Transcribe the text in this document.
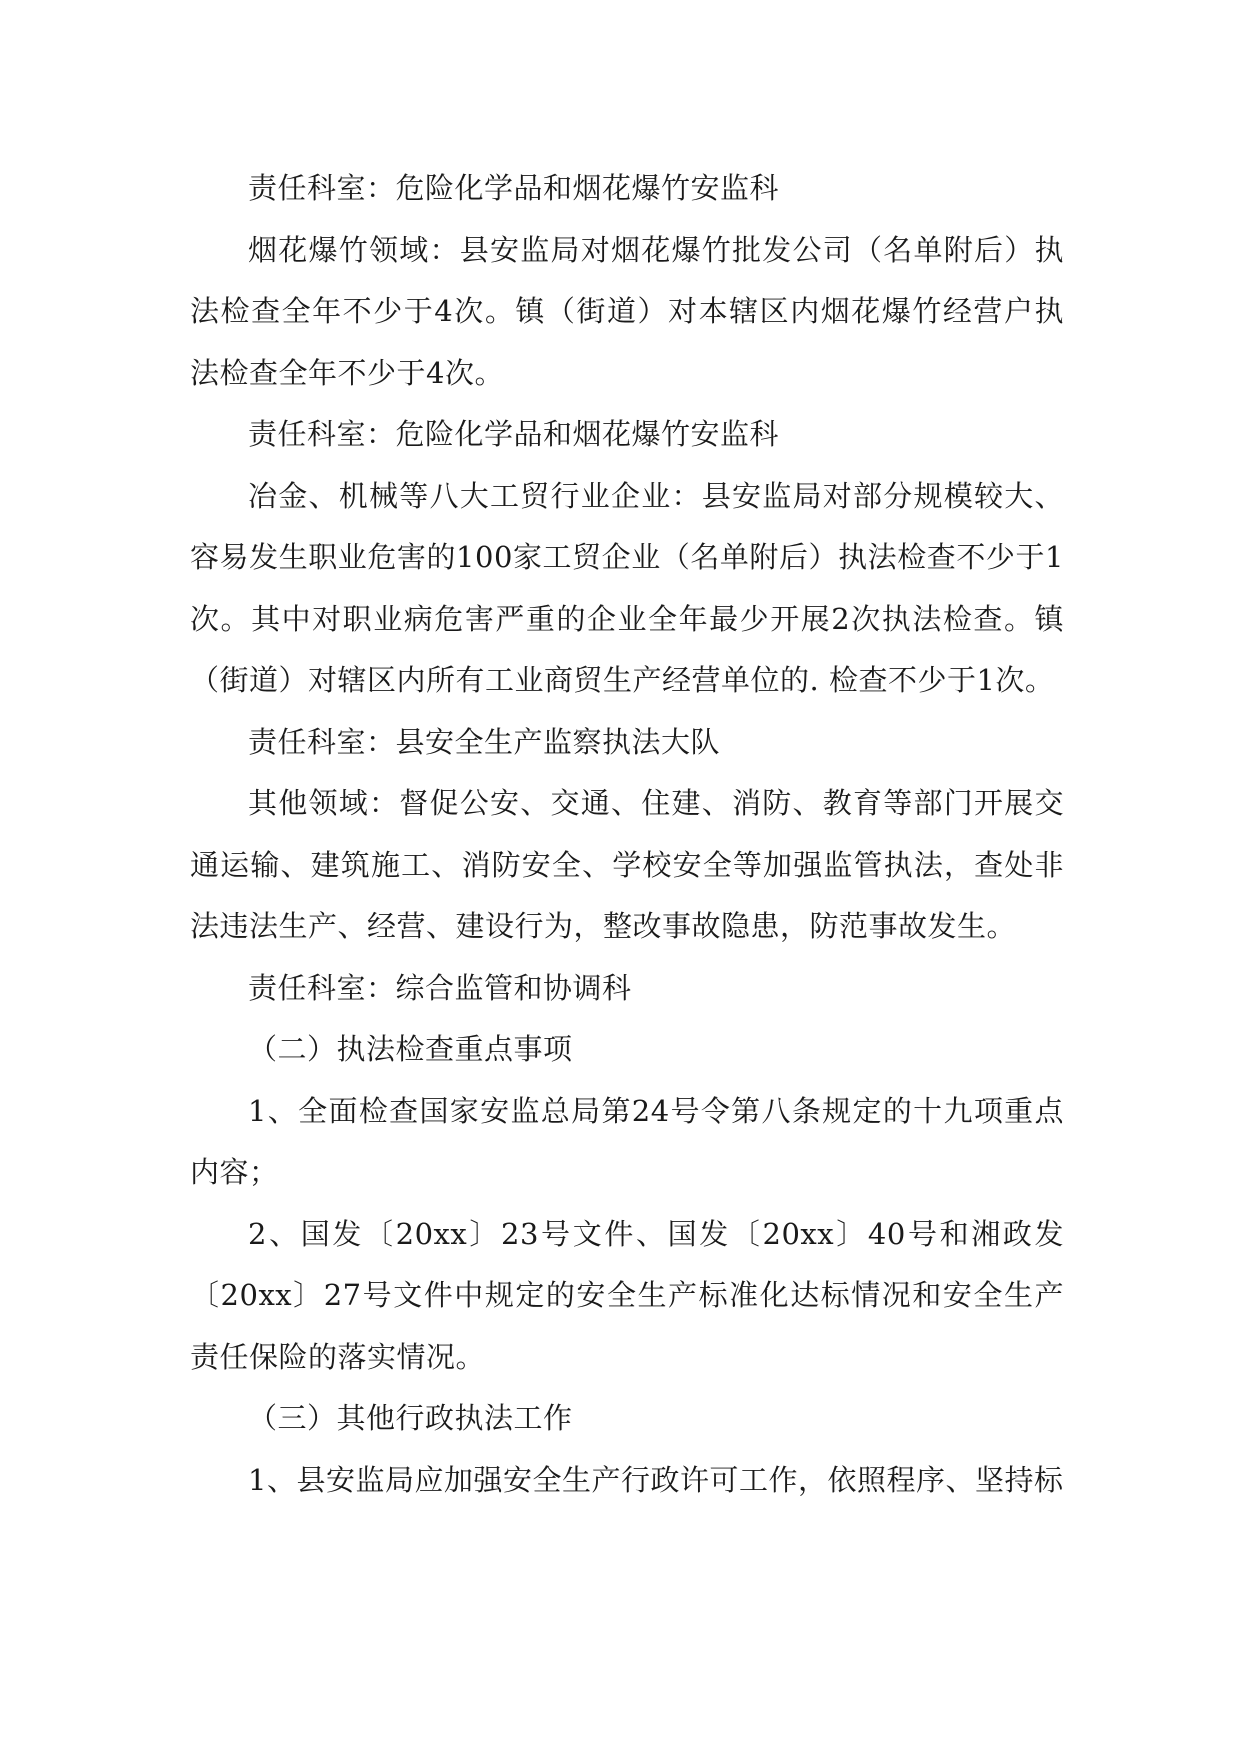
责任科室：危险化学品和烟花爆竹安监科

烟花爆竹领域：县安监局对烟花爆竹批发公司（名单附后）执法检查全年不少于4次。镇（街道）对本辖区内烟花爆竹经营户执法检查全年不少于4次。

责任科室：危险化学品和烟花爆竹安监科

冶金、机械等八大工贸行业企业：县安监局对部分规模较大、容易发生职业危害的100家工贸企业（名单附后）执法检查不少于1次。其中对职业病危害严重的企业全年最少开展2次执法检查。镇（街道）对辖区内所有工业商贸生产经营单位的. 检查不少于1次。

责任科室：县安全生产监察执法大队

其他领域：督促公安、交通、住建、消防、教育等部门开展交通运输、建筑施工、消防安全、学校安全等加强监管执法，查处非法违法生产、经营、建设行为，整改事故隐患，防范事故发生。

责任科室：综合监管和协调科

（二）执法检查重点事项

1、全面检查国家安监总局第24号令第八条规定的十九项重点内容；

2、国发〔20xx〕23号文件、国发〔20xx〕40号和湘政发〔20xx〕27号文件中规定的安全生产标准化达标情况和安全生产责任保险的落实情况。

（三）其他行政执法工作

1、县安监局应加强安全生产行政许可工作，依照程序、坚持标
